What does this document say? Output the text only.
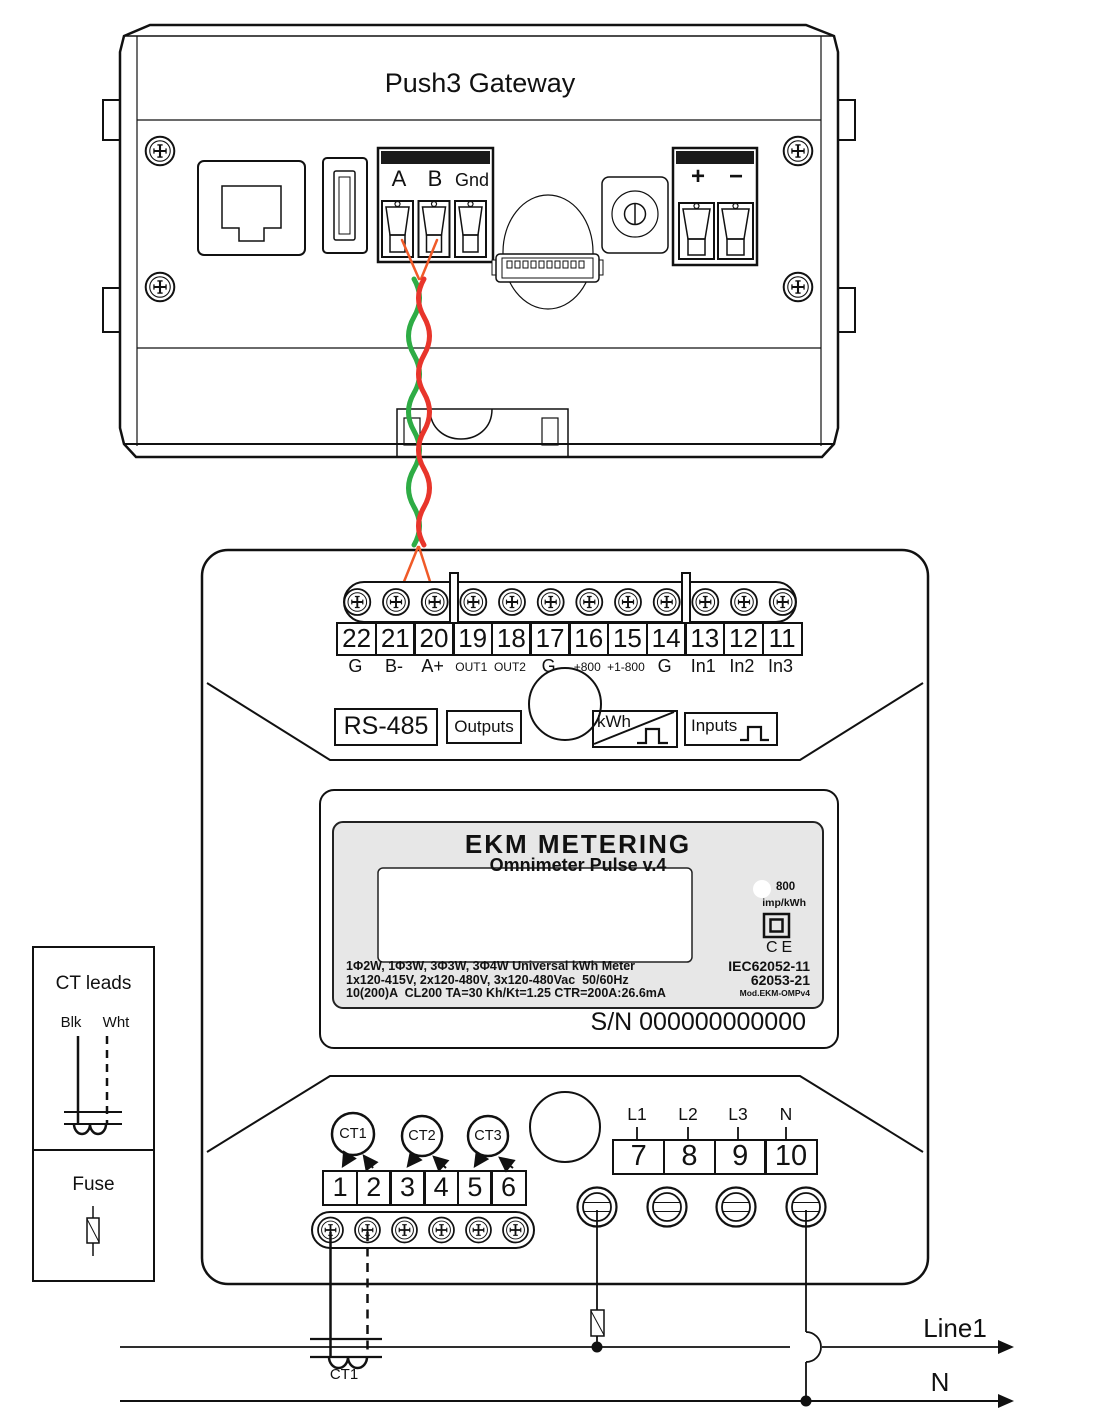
Push3 Gateway
A B Gnd	+ −
22 21 20 19 18 17 16 15 14 13 12 11
G	B-	A+ OUT1 OUT2 G	+800 +1-800 G	In1 In2 In3
RS-485	Outputs	kWh	Inputs
EKM METERING
Omnimeter Pulse v.4
800
imp/kWh
CE
1Φ2W, 1Φ3W, 3Φ3W, 3Φ4W Universal kWh Meter
1x120-415V, 2x120-480V, 3x120-480Vac  50/60Hz
10(200)A  CL200 TA=30 Kh/Kt=1.25 CTR=200A:26.6mA
IEC62052-11
62053-21
Mod.EKM-OMPv4
S/N 000000000000
CT1	CT2	CT3
1 2 3 4 5 6
L1	L2	L3	N
7	8	9 10
CT leads
Blk	Wht
Fuse
Line1
N
CT1
